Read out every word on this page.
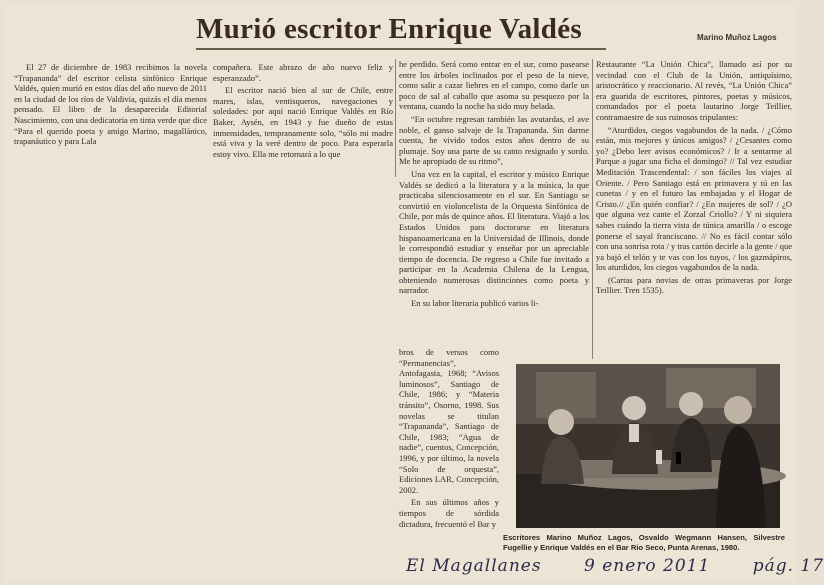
Murió escritor Enrique Valdés	Marino Muñoz Lagos

El 27 de diciembre de 1983 recibimos la novela “Trapananda” del escritor celista sinfónico Enrique Valdés, quien murió en estos días del año nuevo de 2011 en la ciudad de los ríos de Valdivia, quizás el día menos pensado. El libro de la desaparecida Editorial Nascimiento, con una dedicatoria en tinta verde que dice “Para el querido poeta y amigo Marino, magallánico, trapanáutico y para Lala

compañera. Este abrazo de año nuevo feliz y esperanzado”.

El escritor nació bien al sur de Chile, entre mares, islas, ventisqueros, navegaciones y soledades: por aquí nació Enrique Valdés en Río Baker, Aysén, en 1943 y fue dueño de estas inmensidades, tempranamente solo, “sólo mi madre está viva y la veré dentro de poco. Para esperarla estoy vivo. Ella me retornará a lo que

he perdido. Será como entrar en el sur, como pasearse entre los árboles inclinados por el peso de la nieve, como salir a cazar liebres en el campo, como darle un poco de sal al caballo que asoma su pesquezo por la ventana, cuando la noche ha sido muy helada.

“En octubre regresan también las avutardas, el ave noble, el ganso salvaje de la Trapananda. Sin darme cuenta, he vivido todos estos años dentro de su plumaje. Soy una parte de su canto resignado y sordo. Me he apropiado de su ritmo”,

Una vez en la capital, el escritor y músico Enrique Valdés se dedicó a la literatura y a la música, la que practicaba silenciosamente en el sur. En Santiago se convirtió en violoncelista de la Orquesta Sinfónica de Chile, por más de quince años. El literatura. Viajó a los Estados Unidos para doctorarse en literatura hispanoamericana en la Universidad de Illinois, donde le correspondió estudiar y enseñar por un apreciable tiempo de docencia. De regreso a Chile fue invitado a participar en la Academia Chilena de la Lengua, obteniendo numerosas distinciones como poeta y narrador.

En su labor literaria publicó varios li-

bros de versos como “Permanencias”, Antofagasta, 1968; “Avisos luminosos”, Santiago de Chile, 1986; y “Materia tránsito”, Osorno, 1998. Sus novelas se titulan “Trapananda”, Santiago de Chile, 1983; “Agua de nadie”, cuentos, Concepción, 1996, y por último, la novela “Solo de orquesta”, Ediciones LAR, Concepción, 2002.

En sus últimos años y tiempos de sórdida dictadura, frecuentó el Bar y

Restaurante “La Unión Chica”, llamado así por su vecindad con el Club de la Unión, antiquísimo, aristocrático y reaccionario. Al revés, “La Unión Chica” era guarida de escritores, pintores, poetas y músicos, comandados por el poeta lautarino Jorge Teillier, contramaestre de sus ruinosos tripulantes:

“Aturdidos, ciegos vagabundos de la nada. / ¿Cómo están, mis mejores y únicos amigos? / ¿Cesantes como yo? ¿Debo leer avisos económicos? / Ir a sentarme al Parque a jugar una ficha el domingo? // Tal vez estudiar Meditación Trascendental: / son fáciles los viajes al Oriente. / Pero Santiago está en primavera y tú en las cunetas / y en el futuro las embajadas y el Hogar de Cristo.// ¿En quién confiar? / ¿En mujeres de sol? / ¿O que alguna vez cante el Zorzal Criollo? / Y ni siquiera sabes cuándo la tierra vista de túnica amarilla / o escoge ponerse el sayal franciscano. // No es fácil contar sólo con una sonrisa rota / y tras cartón decirle a la gente / que ya bajó el telón y te vas con los tuyos, / los gazmápiros, los aturdidos, los ciegos vagabundos de la nada.

(Cartas para novias de otras primaveras por Jorge Teillier. Tren 1535).

Escritores Marino Muñoz Lagos, Osvaldo Wegmann Hansen, Silvestre Fugellie y Enrique Valdés en el Bar Rio Seco, Punta Arenas, 1980.
El Magallanes 9 enero 2011 pág. 17
